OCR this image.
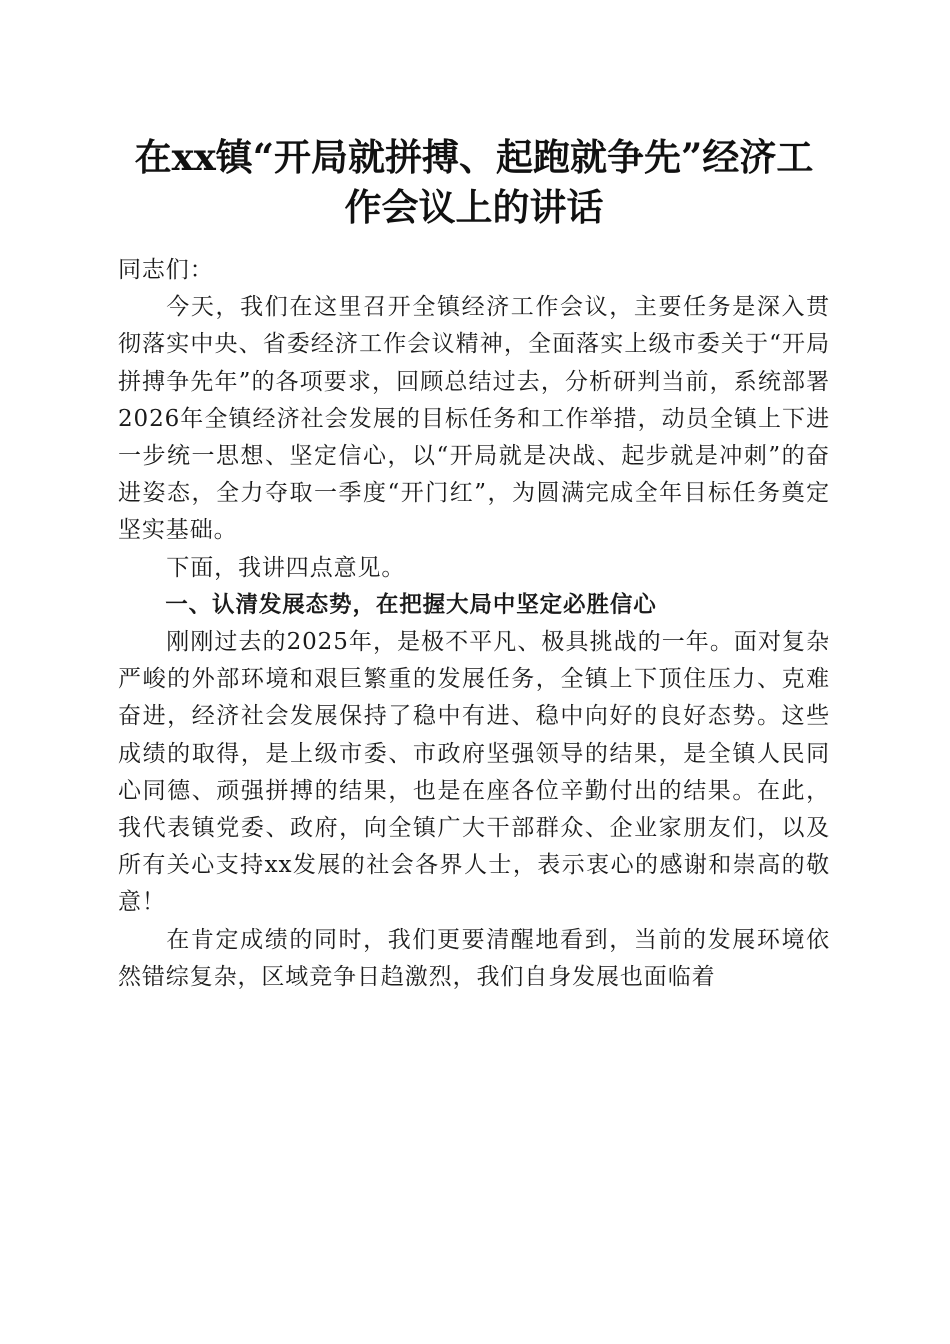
在xx镇“开局就拼搏、起跑就争先”经济工作会议上的讲话

同志们：

今天，我们在这里召开全镇经济工作会议，主要任务是深入贯彻落实中央、省委经济工作会议精神，全面落实上级市委关于“开局拼搏争先年”的各项要求，回顾总结过去，分析研判当前，系统部署2026年全镇经济社会发展的目标任务和工作举措，动员全镇上下进一步统一思想、坚定信心，以“开局就是决战、起步就是冲刺”的奋进姿态，全力夺取一季度“开门红”，为圆满完成全年目标任务奠定坚实基础。

下面，我讲四点意见。

一、认清发展态势，在把握大局中坚定必胜信心

刚刚过去的2025年，是极不平凡、极具挑战的一年。面对复杂严峻的外部环境和艰巨繁重的发展任务，全镇上下顶住压力、克难奋进，经济社会发展保持了稳中有进、稳中向好的良好态势。这些成绩的取得，是上级市委、市政府坚强领导的结果，是全镇人民同心同德、顽强拼搏的结果，也是在座各位辛勤付出的结果。在此，我代表镇党委、政府，向全镇广大干部群众、企业家朋友们，以及所有关心支持xx发展的社会各界人士，表示衷心的感谢和崇高的敬意！

在肯定成绩的同时，我们更要清醒地看到，当前的发展环境依然错综复杂，区域竞争日趋激烈，我们自身发展也面临着
